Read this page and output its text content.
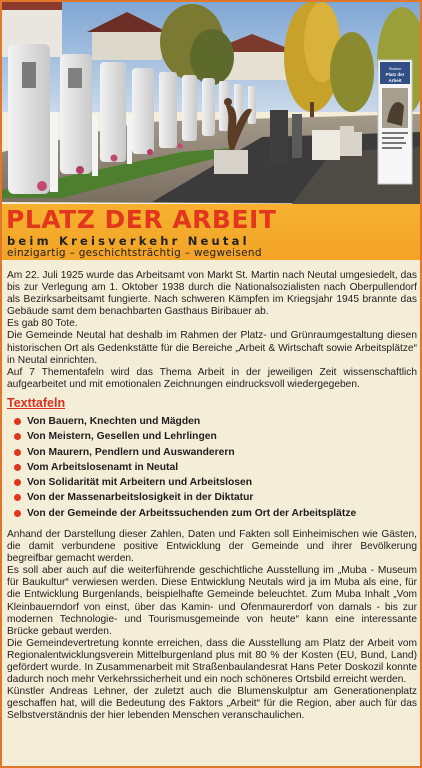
Station
Platz der
Arbeit
PLATZ DER ARBEIT
beim Kreisverkehr Neutal
einzigartig – geschichtsträchtig – wegweisend

Am 22. Juli 1925 wurde das Arbeitsamt von Markt St. Martin nach Neutal umgesiedelt, das bis zur Verlegung am 1. Oktober 1938 durch die Nationalsozialisten nach Oberpullendorf als Bezirksarbeitsamt fungierte. Nach schweren Kämpfen im Kriegsjahr 1945 brannte das Gebäude samt dem benachbarten Gasthaus Biribauer ab.

Es gab 80 Tote.

Die Gemeinde Neutal hat deshalb im Rahmen der Platz- und Grünraumgestaltung diesen historischen Ort als Gedenkstätte für die Bereiche „Arbeit & Wirtschaft sowie Arbeitsplätze“ in Neutal einrichten.

Auf 7 Thementafeln wird das Thema Arbeit in der jeweiligen Zeit wissenschaftlich aufgearbeitet und mit emotionalen Zeichnungen eindrucksvoll wiedergegeben.

Texttafeln
Von Bauern, Knechten und Mägden
Von Meistern, Gesellen und Lehrlingen
Von Maurern, Pendlern und Auswanderern
Vom Arbeitslosenamt in Neutal
Von Solidarität mit Arbeitern und Arbeitslosen
Von der Massenarbeitslosigkeit in der Diktatur
Von der Gemeinde der Arbeitssuchenden zum Ort der Arbeitsplätze

Anhand der Darstellung dieser Zahlen, Daten und Fakten soll Einheimischen wie Gästen, die damit verbundene positive Entwicklung der Gemeinde und ihrer Bevölkerung begreifbar gemacht werden.

Es soll aber auch auf die weiterführende geschichtliche Ausstellung im „Muba - Museum für Baukultur“ verwiesen werden. Diese Entwicklung Neutals wird ja im Muba als eine, für die Entwicklung Burgenlands, beispielhafte Gemeinde beleuchtet. Zum Muba Inhalt „Vom Kleinbauerndorf von einst, über das Kamin- und Ofenmaurerdorf von damals - bis zur modernen Technologie- und Tourismusgemeinde von heute“ kann eine interessante Brücke gebaut werden.

Die Gemeindevertretung konnte erreichen, dass die Ausstellung am Platz der Arbeit vom Regionalentwicklungsverein Mittelburgenland plus mit 80 % der Kosten (EU, Bund, Land) gefördert wurde. In Zusammenarbeit mit Straßenbaulandesrat Hans Peter Doskozil konnte dadurch noch mehr Verkehrssicherheit und ein noch schöneres Ortsbild erreicht werden.

Künstler Andreas Lehner, der zuletzt auch die Blumenskulptur am Generationenplatz geschaffen hat, will die Bedeutung des Faktors „Arbeit“ für die Region, aber auch für das Selbstverständnis der hier lebenden Menschen veranschaulichen.
